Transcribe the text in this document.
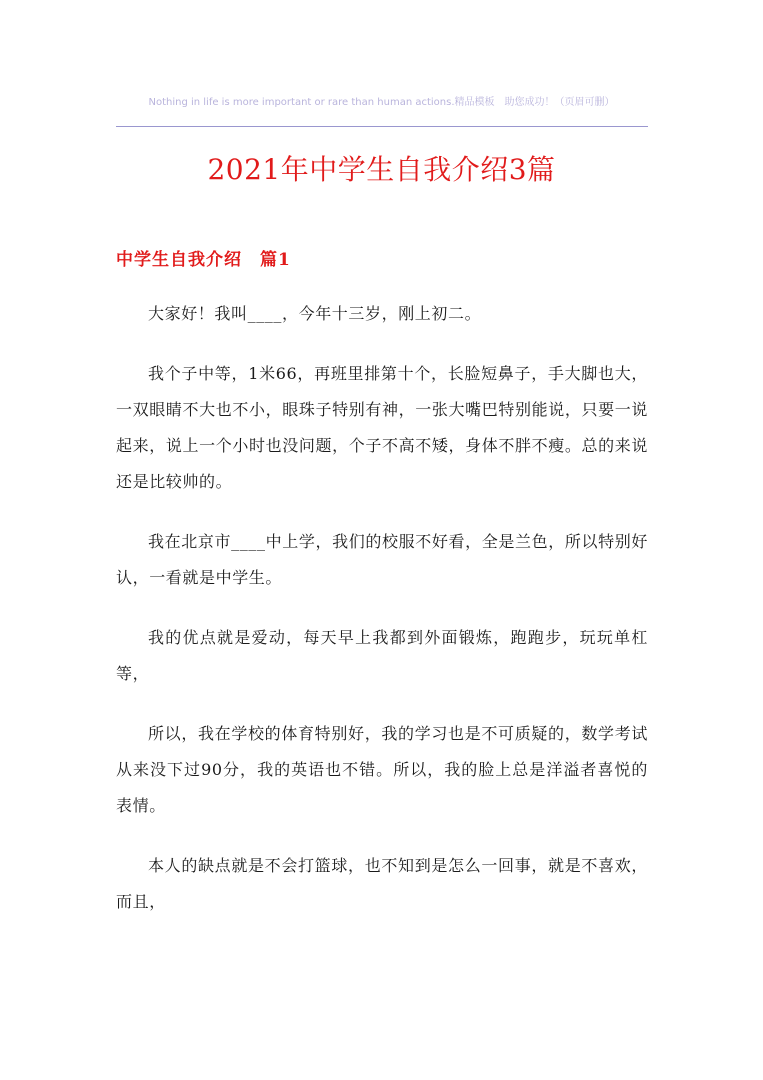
Nothing in life is more important or rare than human actions.精品模板　助您成功！（页眉可删）
2021年中学生自我介绍3篇
中学生自我介绍　篇1

大家好！我叫____，今年十三岁，刚上初二。

我个子中等，1米66，再班里排第十个，长脸短鼻子，手大脚也大，一双眼睛不大也不小，眼珠子特别有神，一张大嘴巴特别能说，只要一说起来，说上一个小时也没问题，个子不高不矮，身体不胖不瘦。总的来说还是比较帅的。

我在北京市____中上学，我们的校服不好看，全是兰色，所以特别好认，一看就是中学生。

我的优点就是爱动，每天早上我都到外面锻炼，跑跑步，玩玩单杠等，

所以，我在学校的体育特别好，我的学习也是不可质疑的，数学考试从来没下过90分，我的英语也不错。所以，我的脸上总是洋溢者喜悦的表情。

本人的缺点就是不会打篮球，也不知到是怎么一回事，就是不喜欢，而且，
